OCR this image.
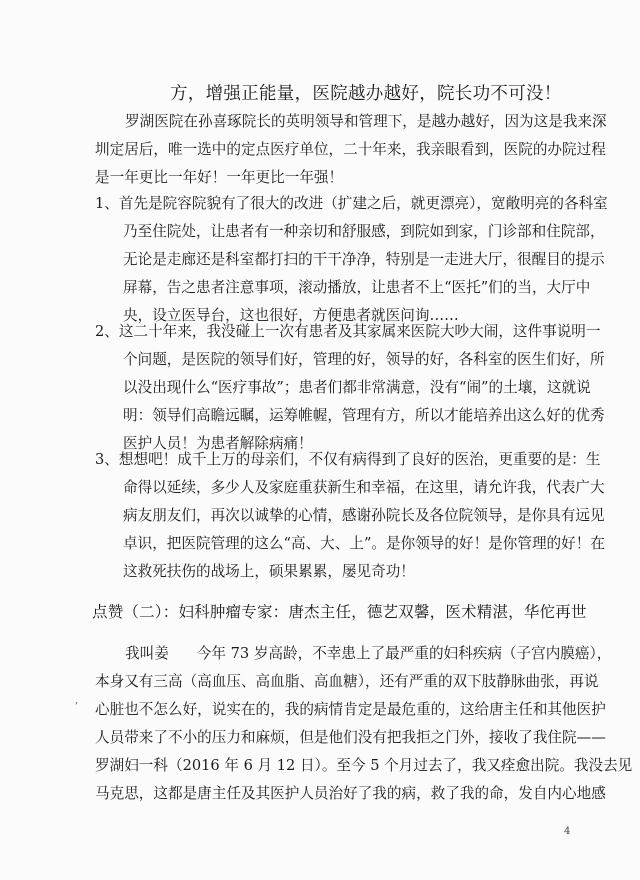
方，增强正能量，医院越办越好，院长功不可没！
罗湖医院在孙喜琢院长的英明领导和管理下，是越办越好，因为这是我来深
圳定居后，唯一选中的定点医疗单位，二十年来，我亲眼看到，医院的办院过程
是一年更比一年好！一年更比一年强！
1、首先是院容院貌有了很大的改进（扩建之后，就更漂亮），宽敞明亮的各科室
乃至住院处，让患者有一种亲切和舒服感，到院如到家，门诊部和住院部，
无论是走廊还是科室都打扫的干干净净，特别是一走进大厅，很醒目的提示
屏幕，告之患者注意事项，滚动播放，让患者不上“医托”们的当，大厅中
央，设立医导台，这也很好，方便患者就医问询……
2、这二十年来，我没碰上一次有患者及其家属来医院大吵大闹，这件事说明一
个问题，是医院的领导们好，管理的好，领导的好，各科室的医生们好，所
以没出现什么“医疗事故”；患者们都非常满意，没有“闹”的土壤，这就说
明：领导们高瞻远瞩，运筹帷幄，管理有方，所以才能培养出这么好的优秀
医护人员！为患者解除病痛！
3、想想吧！成千上万的母亲们，不仅有病得到了良好的医治，更重要的是：生
命得以延续，多少人及家庭重获新生和幸福，在这里，请允许我，代表广大
病友朋友们，再次以诚挚的心情，感谢孙院长及各位院领导，是你具有远见
卓识，把医院管理的这么“高、大、上”。是你领导的好！是你管理的好！在
这救死扶伤的战场上，硕果累累，屡见奇功！
点赞（二）：妇科肿瘤专家：唐杰主任，德艺双馨，医术精湛，华佗再世
我叫姜 今年 73 岁高龄，不幸患上了最严重的妇科疾病（子宫内膜癌），
本身又有三高（高血压、高血脂、高血糖），还有严重的双下肢静脉曲张，再说
心脏也不怎么好，说实在的，我的病情肯定是最危重的，这给唐主任和其他医护
人员带来了不小的压力和麻烦，但是他们没有把我拒之门外，接收了我住院——
罗湖妇一科（2016 年 6 月 12 日）。至今 5 个月过去了，我又痊愈出院。我没去见
马克思，这都是唐主任及其医护人员治好了我的病，救了我的命，发自内心地感
,
4
